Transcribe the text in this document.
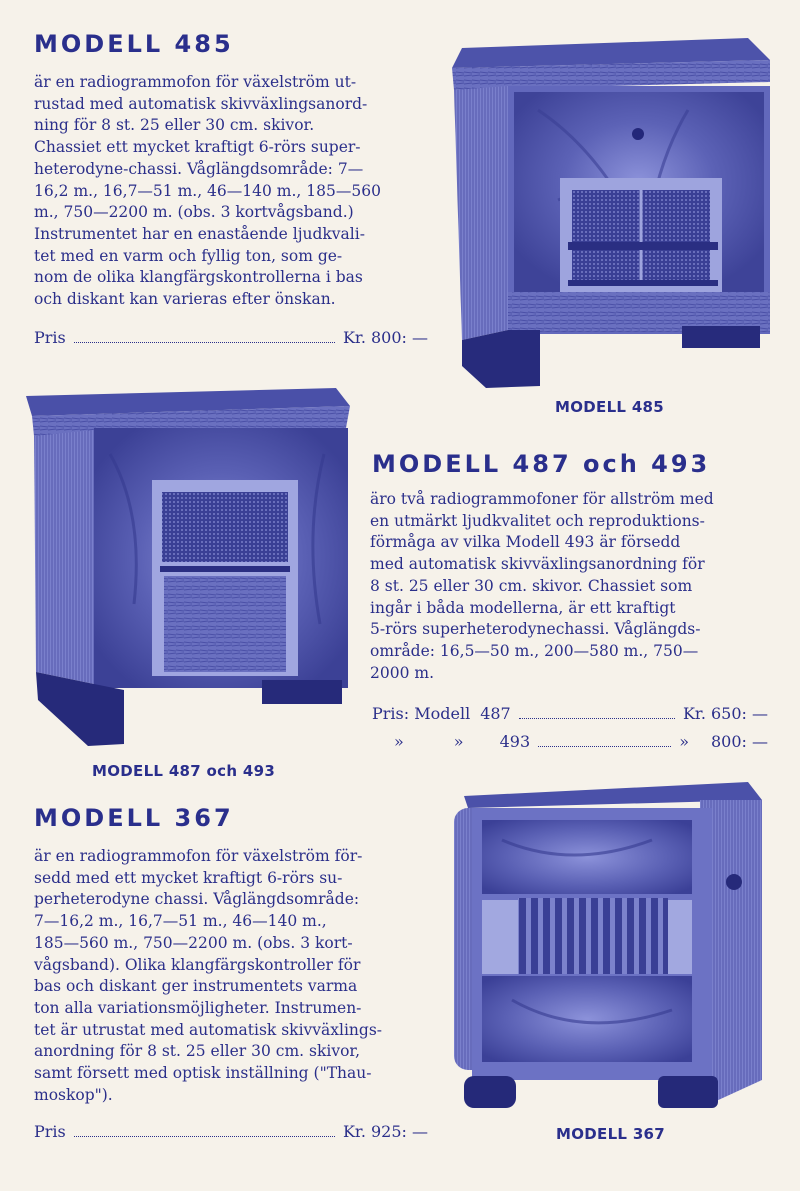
MODELL 485
är en radiogrammofon för växelström ut-
rustad med automatisk skivväxlingsanord-
ning för 8 st. 25 eller 30 cm. skivor.
Chassiet ett mycket kraftigt 6-rörs super-
heterodyne-chassi. Våglängdsområde: 7—
16,2 m., 16,7—51 m., 46—140 m., 185—560
m., 750—2200 m. (obs. 3 kortvågsband.)
Instrumentet har en enastående ljudkvali-
tet med en varm och fyllig ton, som ge-
nom de olika klangfärgskontrollerna i bas
och diskant kan varieras efter önskan.
Pris	Kr. 800: —
MODELL 485
MODELL 487 och 493
MODELL 487 och 493
äro två radiogrammofoner för allström med
en utmärkt ljudkvalitet och reproduktions-
förmåga av vilka Modell 493 är försedd
med automatisk skivväxlingsanordning för
8 st. 25 eller 30 cm. skivor. Chassiet som
ingår i båda modellerna, är ett kraftigt
5-rörs superheterodynechassi. Våglängds-
område: 16,5—50 m., 200—580 m., 750—
2000 m.
Pris: Modell 487	Kr. 650: —
»	» 493	» 800: —
MODELL 367
är en radiogrammofon för växelström för-
sedd med ett mycket kraftigt 6-rörs su-
perheterodyne chassi. Våglängdsområde:
7—16,2 m., 16,7—51 m., 46—140 m.,
185—560 m., 750—2200 m. (obs. 3 kort-
vågsband). Olika klangfärgskontroller för
bas och diskant ger instrumentets varma
ton alla variationsmöjligheter. Instrumen-
tet är utrustat med automatisk skivväxlings-
anordning för 8 st. 25 eller 30 cm. skivor,
samt försett med optisk inställning ("Thau-
moskop").
Pris	Kr. 925: —	MODELL 367
